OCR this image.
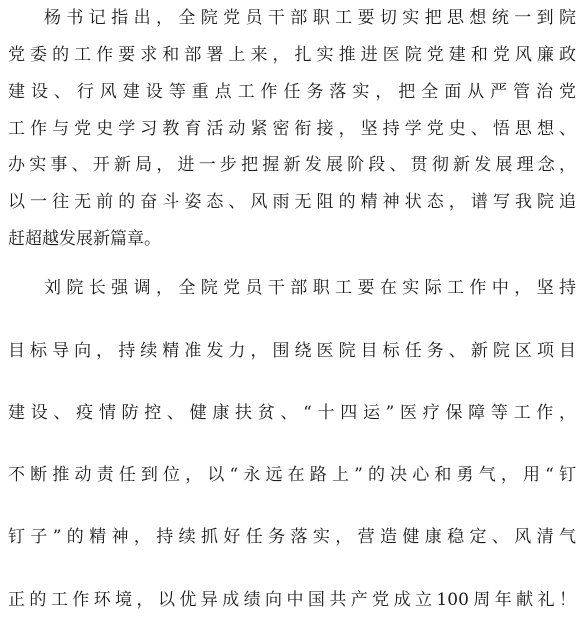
杨书记指出，全院党员干部职工要切实把思想统一到院
党委的工作要求和部署上来，扎实推进医院党建和党风廉政
建设、行风建设等重点工作任务落实，把全面从严管治党
工作与党史学习教育活动紧密衔接，坚持学党史、悟思想、
办实事、开新局，进一步把握新发展阶段、贯彻新发展理念，
以一往无前的奋斗姿态、风雨无阻的精神状态，谱写我院追
赶超越发展新篇章。
刘院长强调，全院党员干部职工要在实际工作中，坚持
目标导向，持续精准发力，围绕医院目标任务、新院区项目
建设、疫情防控、健康扶贫、“十四运”医疗保障等工作，
不断推动责任到位，以“永远在路上”的决心和勇气，用“钉
钉子”的精神，持续抓好任务落实，营造健康稳定、风清气
正的工作环境，以优异成绩向中国共产党成立100周年献礼！
